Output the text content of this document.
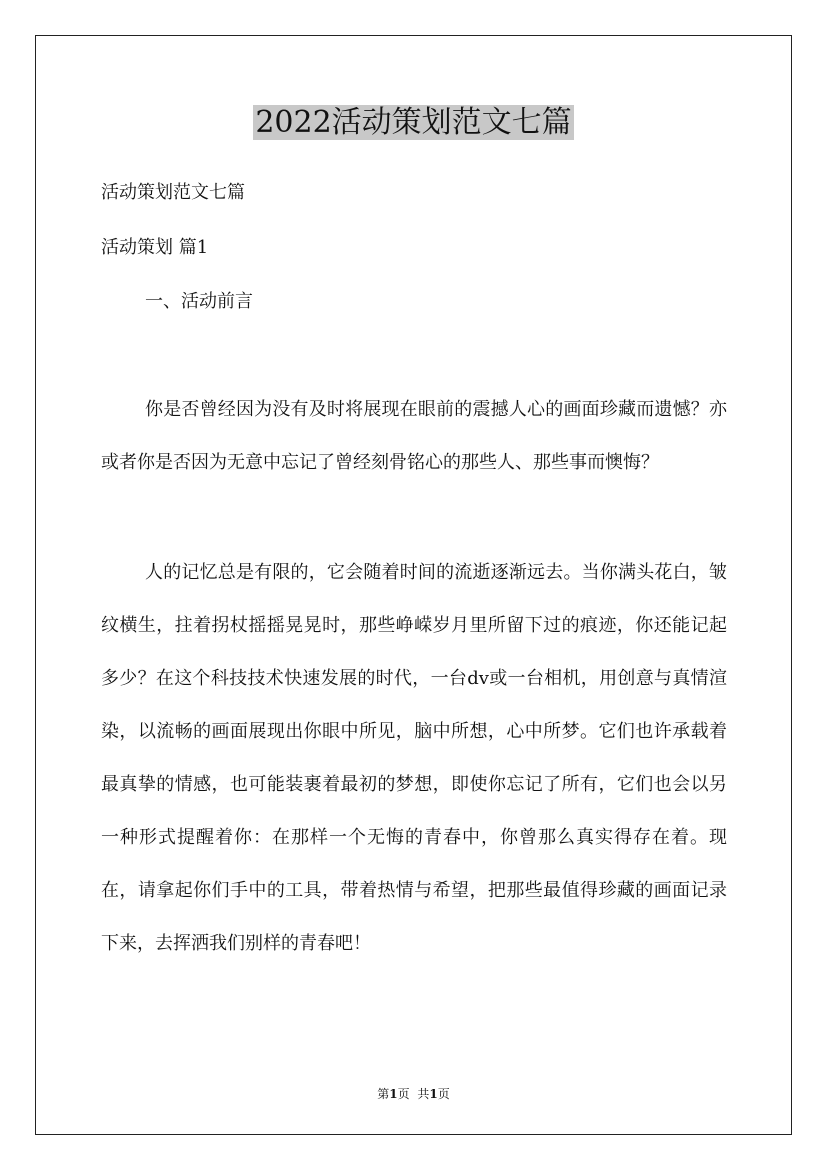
2022活动策划范文七篇
活动策划范文七篇
活动策划 篇1
一、活动前言

你是否曾经因为没有及时将展现在眼前的震撼人心的画面珍藏而遗憾？亦或者你是否因为无意中忘记了曾经刻骨铭心的那些人、那些事而懊悔？

人的记忆总是有限的，它会随着时间的流逝逐渐远去。当你满头花白，皱纹横生，拄着拐杖摇摇晃晃时，那些峥嵘岁月里所留下过的痕迹，你还能记起多少？在这个科技技术快速发展的时代，一台dv或一台相机，用创意与真情渲染，以流畅的画面展现出你眼中所见，脑中所想，心中所梦。它们也许承载着最真挚的情感，也可能装裹着最初的梦想，即使你忘记了所有，它们也会以另一种形式提醒着你：在那样一个无悔的青春中，你曾那么真实得存在着。现在，请拿起你们手中的工具，带着热情与希望，把那些最值得珍藏的画面记录下来，去挥洒我们别样的青春吧！

第1页 共1页
